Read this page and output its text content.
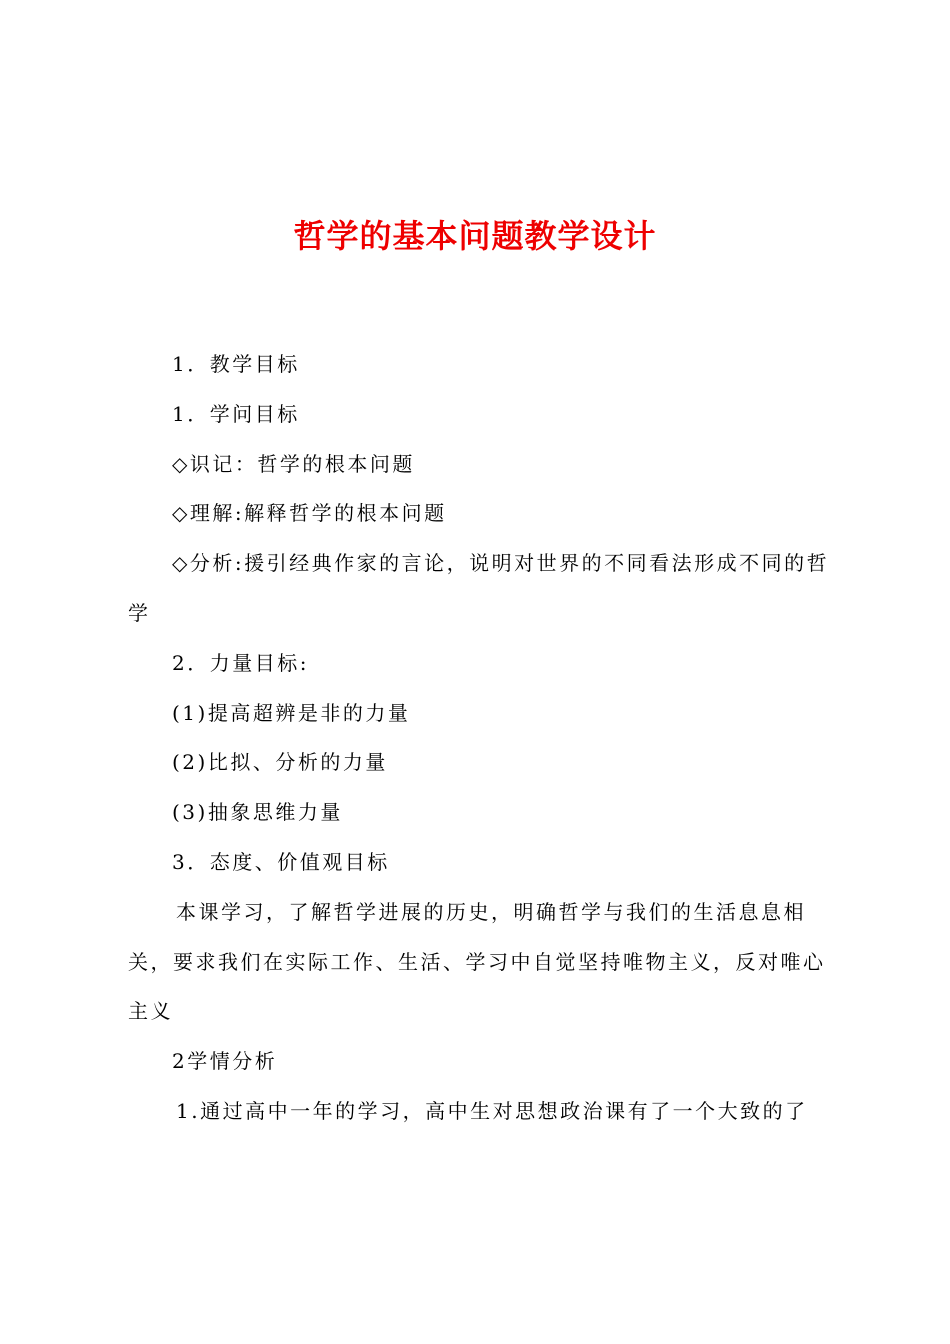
哲学的基本问题教学设计

1．教学目标

1．学问目标

◇识记：哲学的根本问题

◇理解:解释哲学的根本问题

◇分析:援引经典作家的言论，说明对世界的不同看法形成不同的哲学

2．力量目标:

(1)提高超辨是非的力量

(2)比拟、分析的力量

(3)抽象思维力量

3．态度、价值观目标

本课学习，了解哲学进展的历史，明确哲学与我们的生活息息相关，要求我们在实际工作、生活、学习中自觉坚持唯物主义，反对唯心主义

2学情分析

1.通过高中一年的学习，高中生对思想政治课有了一个大致的了
